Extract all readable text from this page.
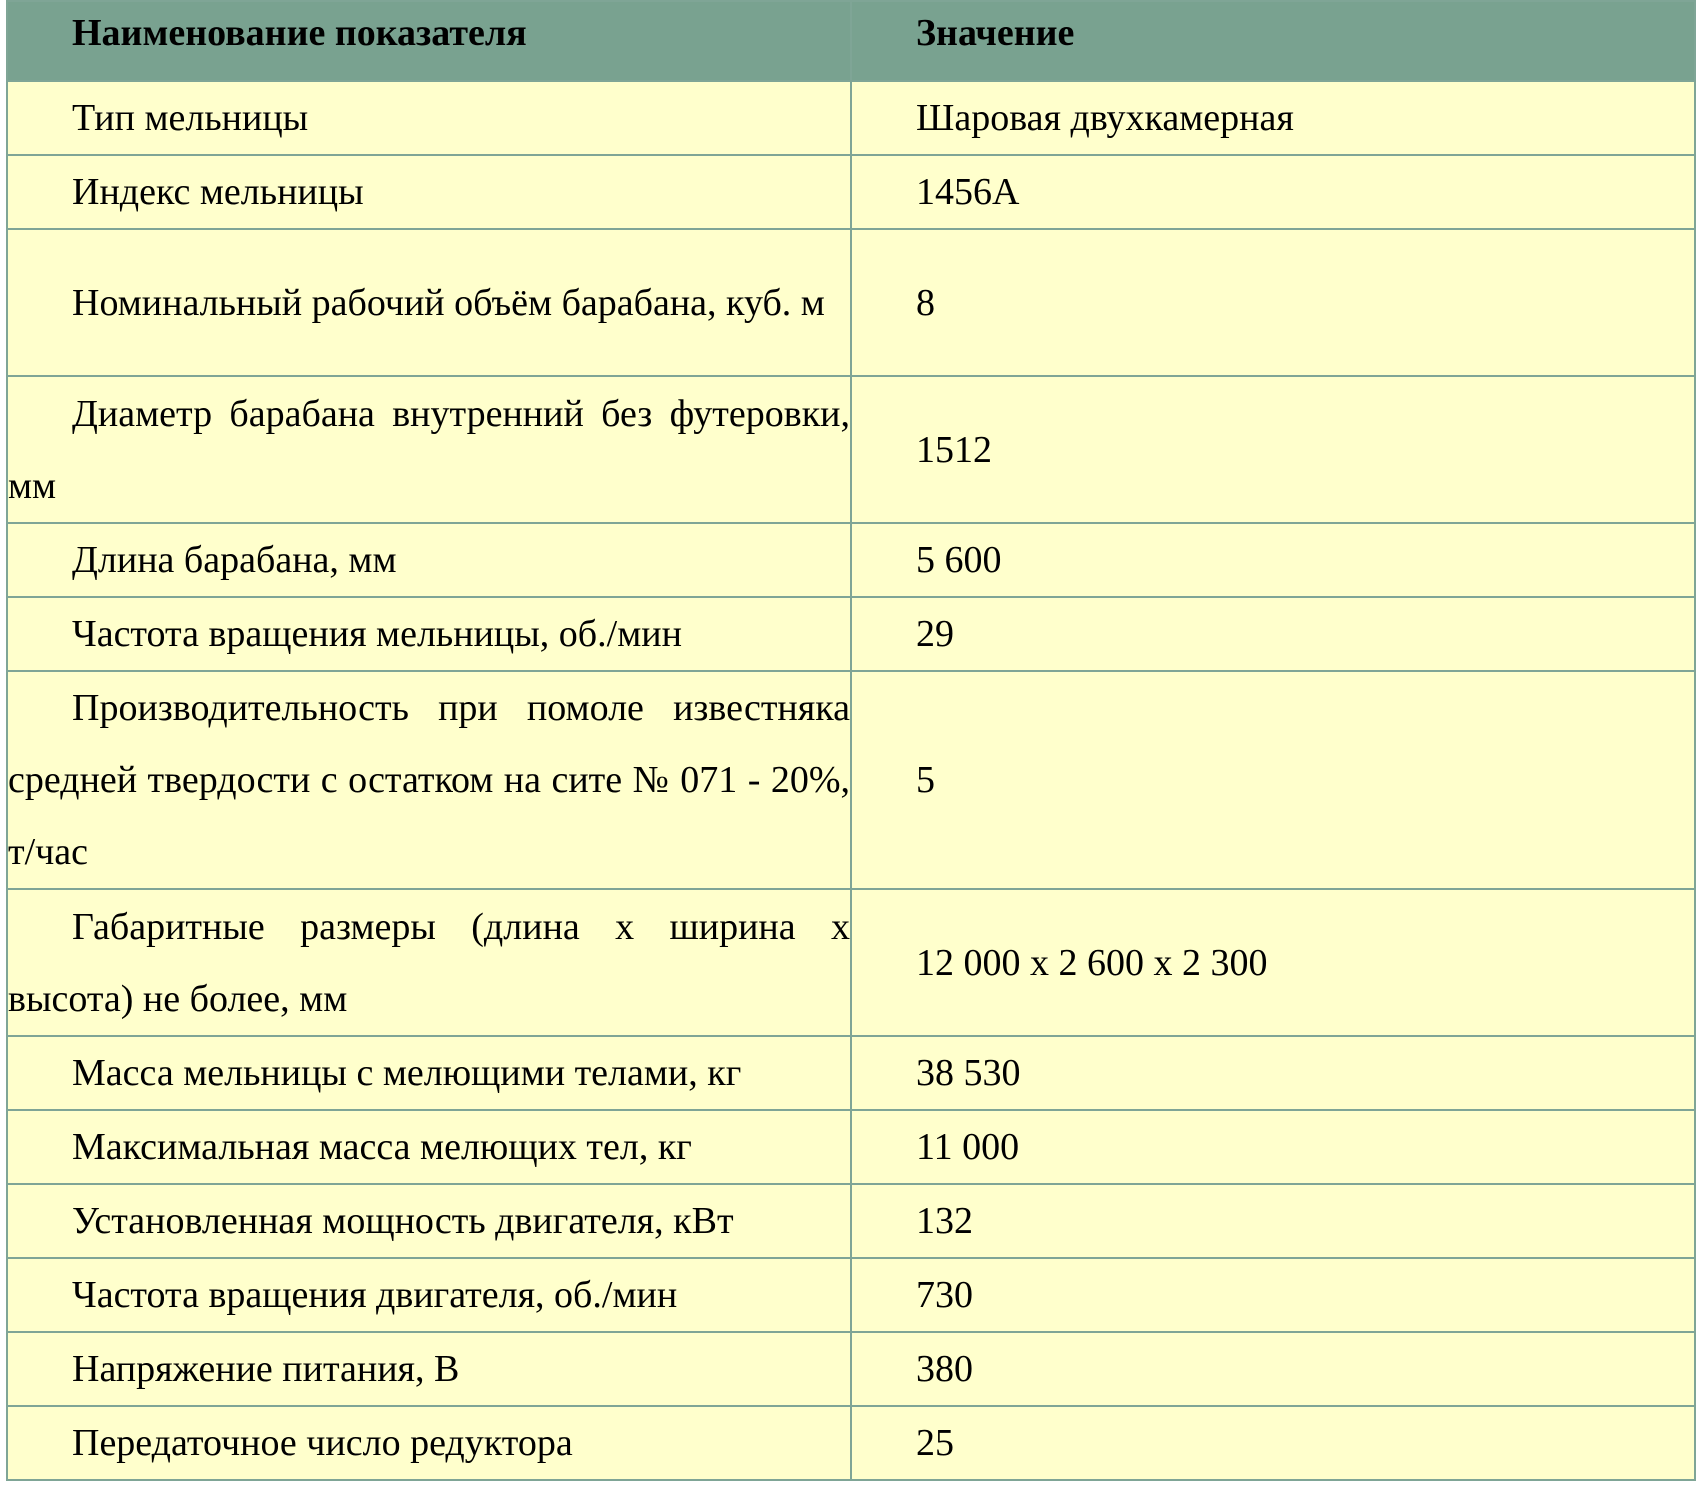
Наименование показателя	Значение

Тип мельницы	Шаровая двухкамерная

Индекс мельницы	1456А

Номинальный рабочий объём барабана, куб. м	8

Диаметр барабана внутренний без футеровки, мм	1512

Длина барабана, мм	5 600

Частота вращения мельницы, об./мин	29

Производительность при помоле известняка средней твердости с остатком на сите № 071 - 20%, т/час	5

Габаритные размеры (длина х ширина х высота) не более, мм	12 000 х 2 600 х 2 300

Масса мельницы с мелющими телами, кг	38 530

Максимальная масса мелющих тел, кг	11 000

Установленная мощность двигателя, кВт	132

Частота вращения двигателя, об./мин	730

Напряжение питания, В	380

Передаточное число редуктора	25
